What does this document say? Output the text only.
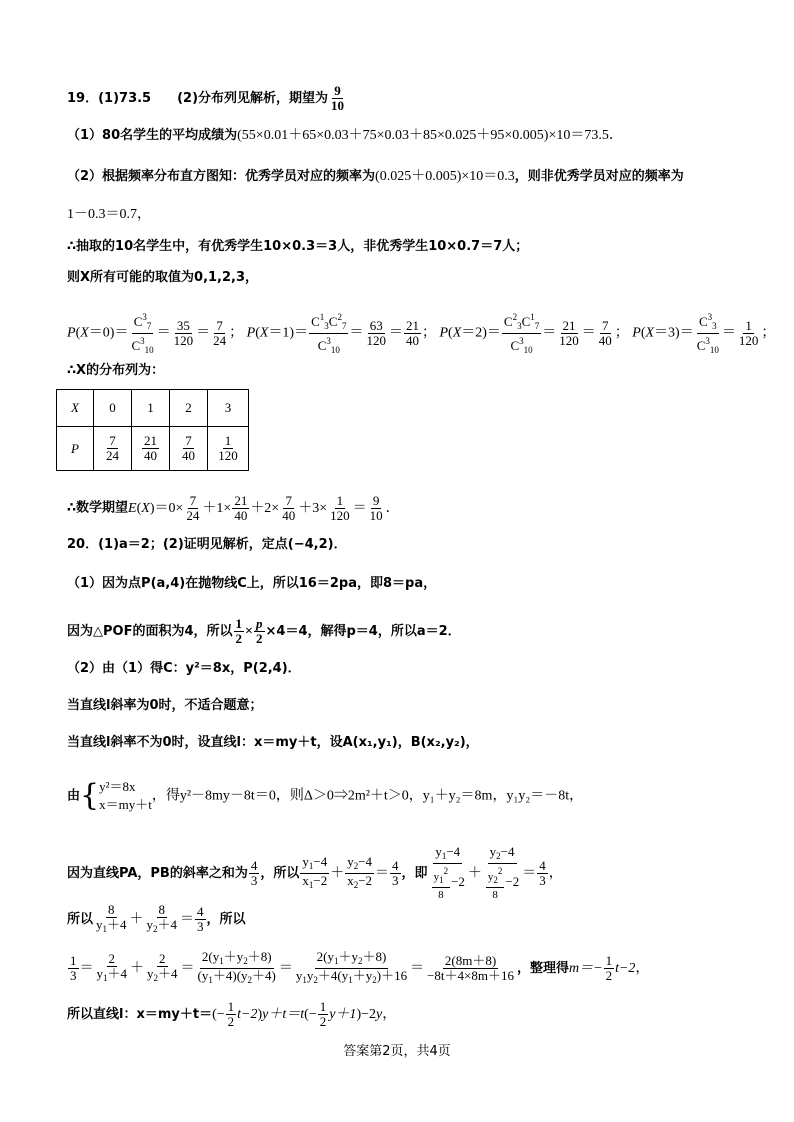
19．(1)73.5　　(2)分布列见解析，期望为 $\frac{9}{10}$
（1）80名学生的平均成绩为(55×0.01＋65×0.03＋75×0.03＋85×0.025＋95×0.005)×10＝73.5．
（2）根据频率分布直方图知：优秀学员对应的频率为(0.025＋0.005)×10＝0.3，则非优秀学员对应的频率为
1－0.3＝0.7，
∴抽取的10名学生中，有优秀学生10×0.3＝3人，非优秀学生10×0.7＝7人；
则X所有可能的取值为0,1,2,3，
$P(X=0)= \frac{C^3_7}{C^3_{10}} = \frac{35}{120} = \frac{7}{24}$ ； $P(X=1)= \frac{C^1_3C^2_7}{C^3_{10}} = \frac{63}{120} = \frac{21}{40}$ ； $P(X=2)= \frac{C^2_3C^1_7}{C^3_{10}} = \frac{21}{120} = \frac{7}{40}$ ； $P(X=3)= \frac{C^3_3}{C^3_{10}} = \frac{1}{120}$ ；
∴X的分布列为：
X	0	1	2	3
P	$\frac{7}{24}$	$\frac{21}{40}$	$\frac{7}{40}$	$\frac{1}{120}$
∴数学期望$E(X)=0\times \frac{7}{24} +1\times \frac{21}{40} +2\times \frac{7}{40} +3\times \frac{1}{120} = \frac{9}{10}$ ．
20．(1)a＝2；(2)证明见解析，定点(−4,2)．
（1）因为点P(a,4)在抛物线C上，所以16＝2pa，即8＝pa，
因为△POF的面积为4，所以 $\frac{1}{2} \times \frac{p}{2} \times 4=4$，解得p＝4，所以a＝2．
（2）由（1）得C：y²＝8x，P(2,4)．
当直线l斜率为0时，不适合题意；
当直线l斜率不为0时，设直线l：x＝my＋t，设A(x₁,y₁)，B(x₂,y₂)，
由{ y²＝8x
x＝my＋t
，得y²－8my－8t＝0，则Δ＞0⇒2m²＋t＞0，y₁＋y₂＝8m，y₁y₂＝－8t，
因为直线PA，PB的斜率之和为 $\frac{4}{3}$ ，所以 $\frac{y_1-4}{x_1-2} + \frac{y_2-4}{x_2-2} = \frac{4}{3}$ ，即 $\frac{y_1-4}{\frac{y_1^2}{8} -2} + \frac{y_2-4}{\frac{y_2^2}{8} -2} = \frac{4}{3}$ ，
所以 $\frac{8}{y_1+4} + \frac{8}{y_2+4} = \frac{4}{3}$ ，所以
$\frac{1}{3} = \frac{2}{y_1+4} + \frac{2}{y_2+4} = \frac{2(y_1+y_2+8)}{(y_1+4)(y_2+4)} = \frac{2(y_1+y_2+8)}{y_1y_2+4(y_1+y_2)+16} = \frac{2(8m+8)}{-8t+4\times 8m+16}$ ，整理得$m=- \frac{1}{2} t-2$，
所以直线l：$x=my+t=(- \frac{1}{2} t-2)y+t=t(- \frac{1}{2} y+1)-2y$，
答案第2页，共4页
